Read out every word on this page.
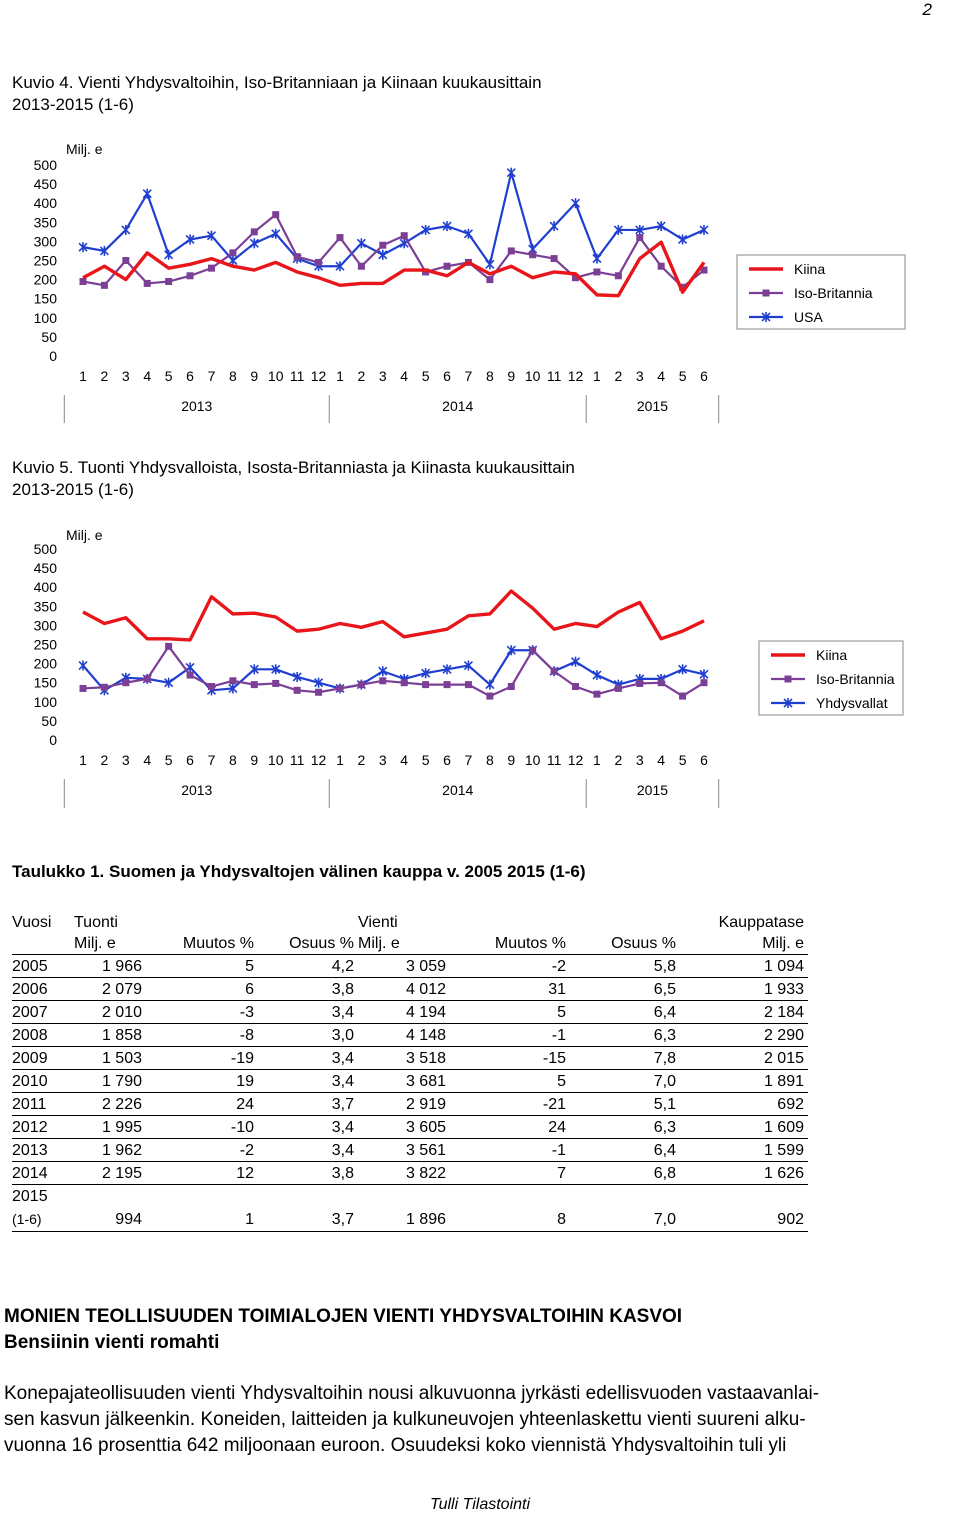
2
Kuvio 4. Vienti Yhdysvaltoihin, Iso-Britanniaan ja Kiinaan kuukausittain
2013-2015 (1-6)
Milj. e
500
450
400
350
300
250
200
150
100
50
0
1 2 3 4 5 6 7 8 9 10 11 12 1 2 3 4 5 6 7 8 9 10 11 12 1 2 3 4 5 6
2013	2014	2015
Kiina
Iso-Britannia
USA
Kuvio 5. Tuonti Yhdysvalloista, Isosta-Britanniasta ja Kiinasta kuukausittain
2013-2015 (1-6)
Milj. e
500
450
400
350
300
250
200
150
100
50
0
1 2 3 4 5 6 7 8 9 10 11 12 1 2 3 4 5 6 7 8 9 10 11 12 1 2 3 4 5 6
2013	2014	2015
Kiina
Iso-Britannia
Yhdysvallat
Taulukko 1. Suomen ja Yhdysvaltojen välinen kauppa v. 2005 2015 (1-6)
Vuosi	Tuonti			Vienti			Kauppatase
	Milj. e	Muutos %	Osuus %	Milj. e	Muutos %	Osuus %	Milj. e
2005	1 966	5	4,2	3 059	-2	5,8	1 094
2006	2 079	6	3,8	4 012	31	6,5	1 933
2007	2 010	-3	3,4	4 194	5	6,4	2 184
2008	1 858	-8	3,0	4 148	-1	6,3	2 290
2009	1 503	-19	3,4	3 518	-15	7,8	2 015
2010	1 790	19	3,4	3 681	5	7,0	1 891
2011	2 226	24	3,7	2 919	-21	5,1	692
2012	1 995	-10	3,4	3 605	24	6,3	1 609
2013	1 962	-2	3,4	3 561	-1	6,4	1 599
2014	2 195	12	3,8	3 822	7	6,8	1 626
2015							
(1-6)	994	1	3,7	1 896	8	7,0	902
MONIEN TEOLLISUUDEN TOIMIALOJEN VIENTI YHDYSVALTOIHIN KASVOI
Bensiinin vienti romahti
Konepajateollisuuden vienti Yhdysvaltoihin nousi alkuvuonna jyrkästi edellisvuoden vastaavanlai-
sen kasvun jälkeenkin. Koneiden, laitteiden ja kulkuneuvojen yhteenlaskettu vienti suureni alku-
vuonna 16 prosenttia 642 miljoonaan euroon. Osuudeksi koko viennistä Yhdysvaltoihin tuli yli
Tulli Tilastointi
